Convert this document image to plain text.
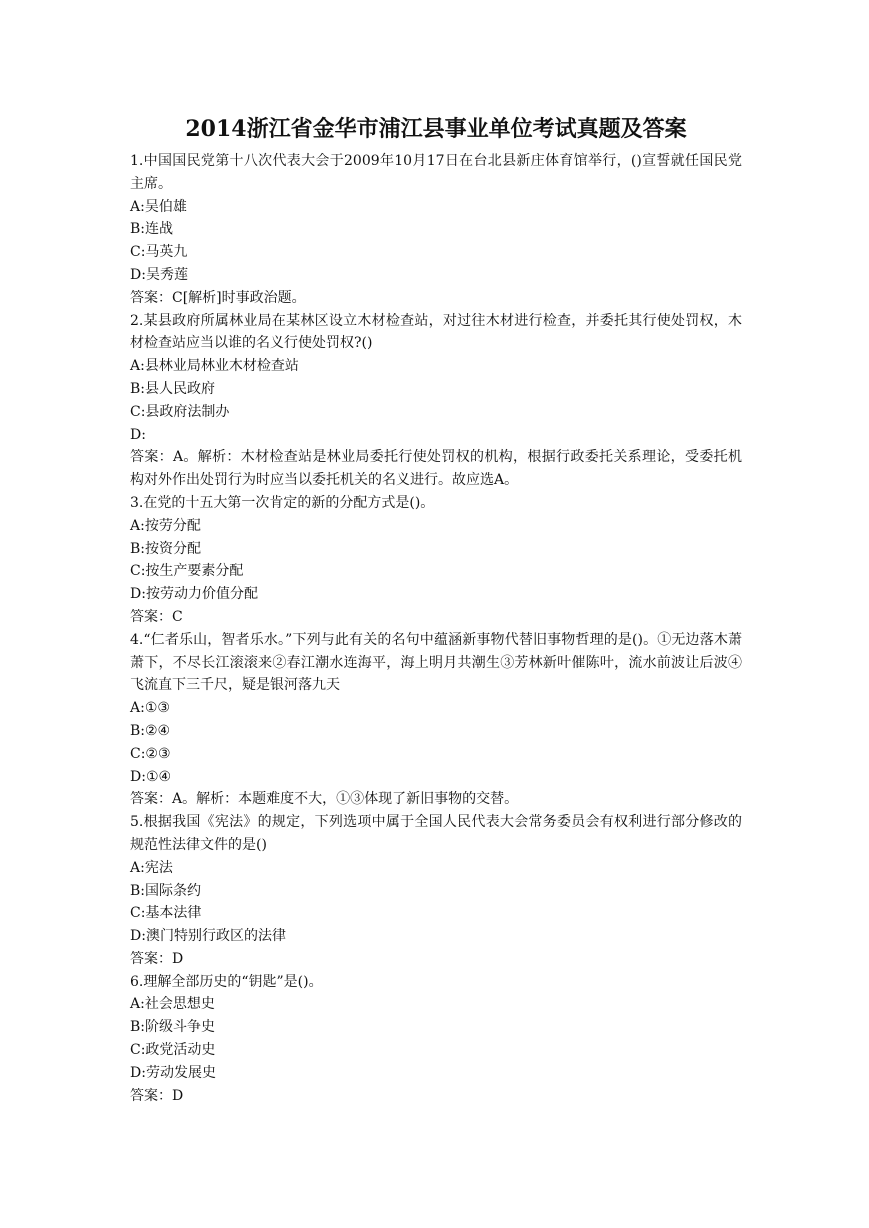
2014浙江省金华市浦江县事业单位考试真题及答案

1.中国国民党第十八次代表大会于2009年10月17日在台北县新庄体育馆举行，()宣誓就任国民党主席。

A:吴伯雄

B:连战

C:马英九

D:吴秀莲

答案：C[解析]时事政治题。

2.某县政府所属林业局在某林区设立木材检查站，对过往木材进行检查，并委托其行使处罚权，木材检查站应当以谁的名义行使处罚权?()

A:县林业局林业木材检查站

B:县人民政府

C:县政府法制办

D:

答案：A。解析：木材检查站是林业局委托行使处罚权的机构，根据行政委托关系理论，受委托机构对外作出处罚行为时应当以委托机关的名义进行。故应选A。

3.在党的十五大第一次肯定的新的分配方式是()。

A:按劳分配

B:按资分配

C:按生产要素分配

D:按劳动力价值分配

答案：C

4.“仁者乐山，智者乐水。”下列与此有关的名句中蕴涵新事物代替旧事物哲理的是()。①无边落木萧萧下，不尽长江滚滚来②春江潮水连海平，海上明月共潮生③芳林新叶催陈叶，流水前波让后波④飞流直下三千尺，疑是银河落九天

A:①③

B:②④

C:②③

D:①④

答案：A。解析：本题难度不大，①③体现了新旧事物的交替。

5.根据我国《宪法》的规定，下列选项中属于全国人民代表大会常务委员会有权利进行部分修改的规范性法律文件的是()

A:宪法

B:国际条约

C:基本法律

D:澳门特别行政区的法律

答案：D

6.理解全部历史的“钥匙”是()。

A:社会思想史

B:阶级斗争史

C:政党活动史

D:劳动发展史

答案：D
